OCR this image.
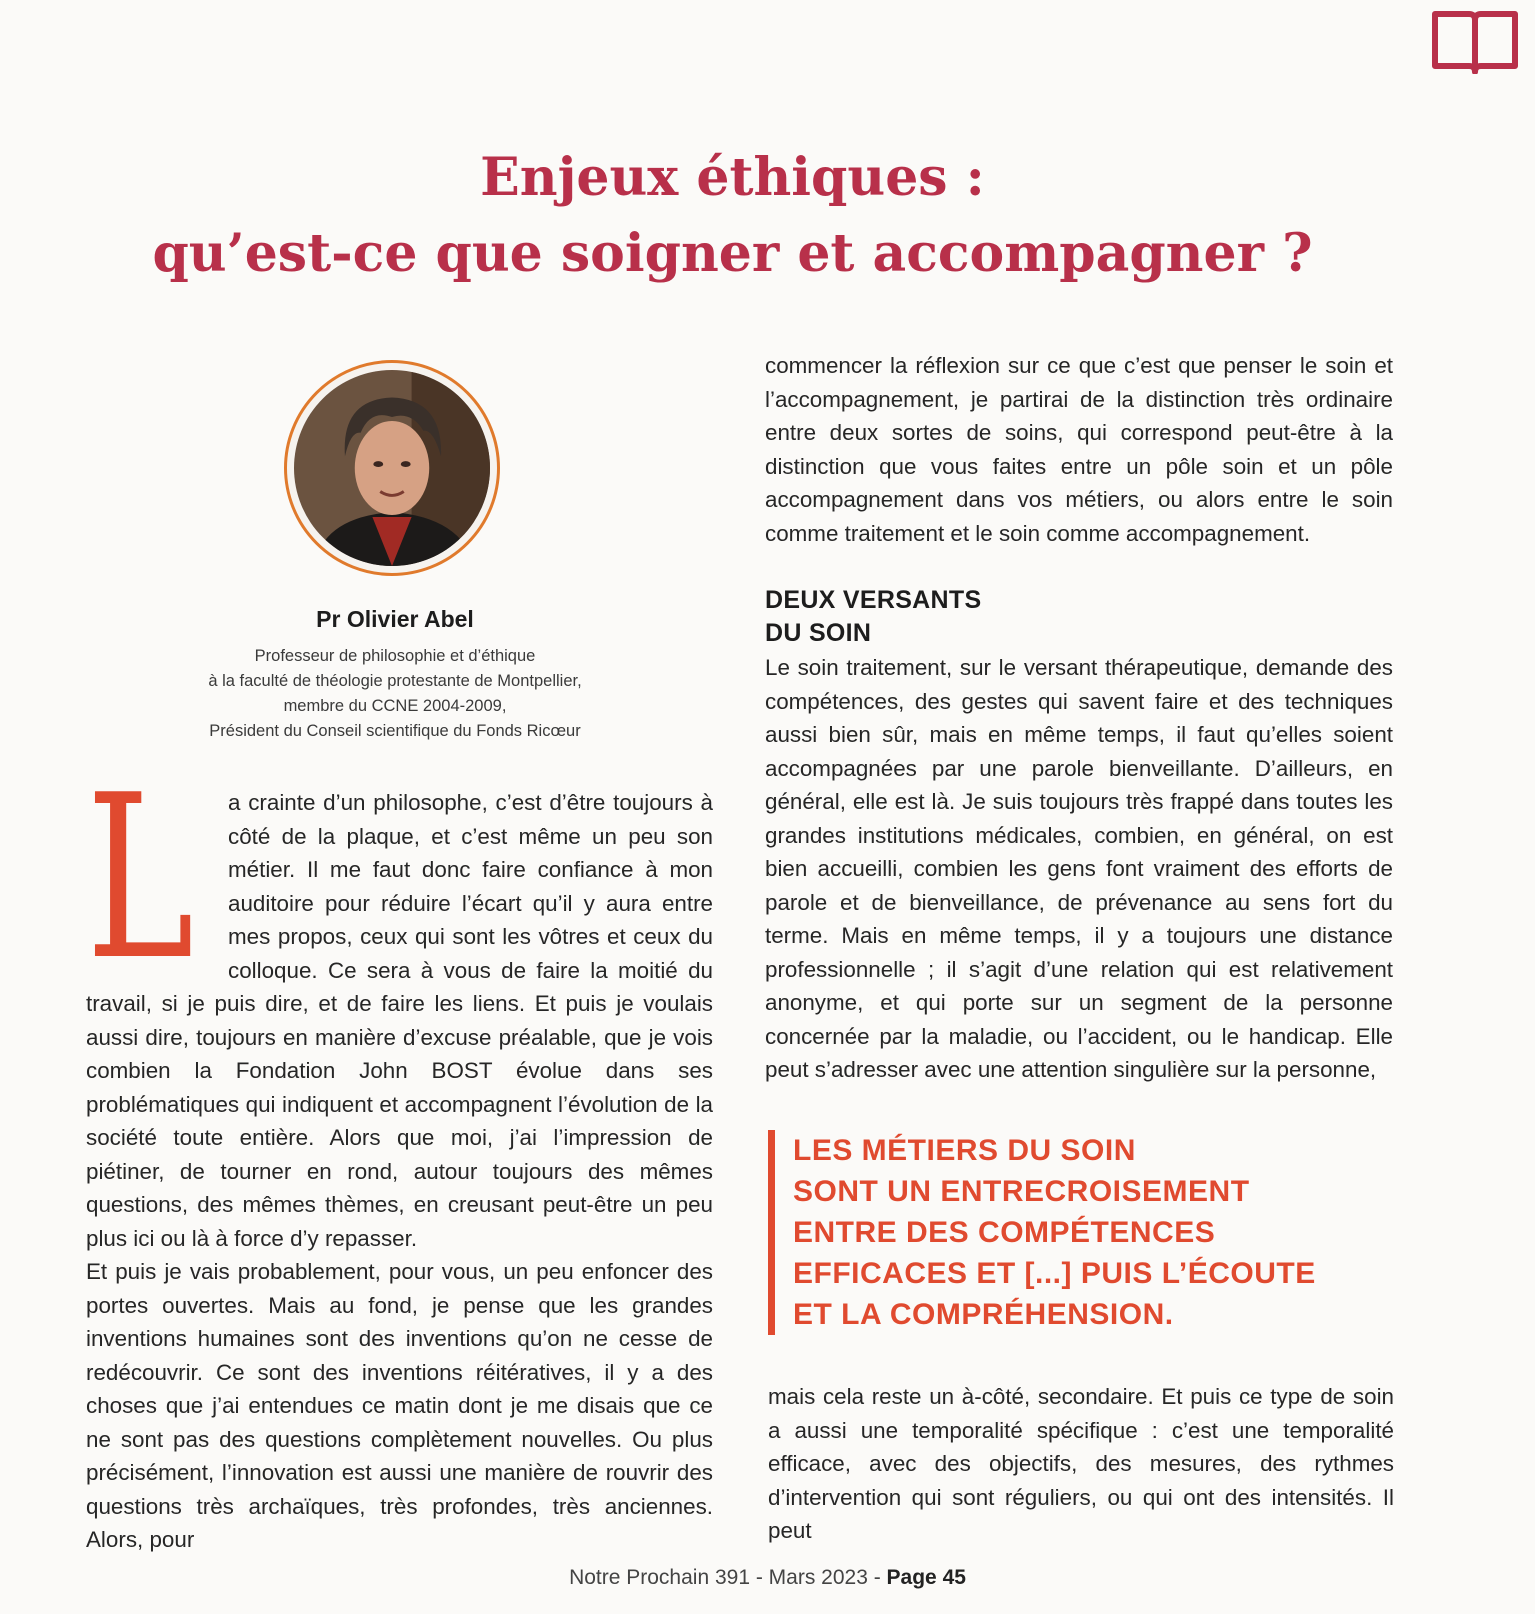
Enjeux éthiques :
qu’est-ce que soigner et accompagner ?

Pr Olivier Abel

Professeur de philosophie et d’éthique
à la faculté de théologie protestante de Montpellier,
membre du CCNE 2004-2009,
Président du Conseil scientifique du Fonds Ricœur
L	a crainte d’un philosophe, c’est d’être toujours à côté de la plaque, et c’est même un peu son métier. Il me faut donc faire confiance à mon auditoire pour réduire l’écart qu’il y aura entre mes propos, ceux qui sont les vôtres et ceux du colloque. Ce sera à vous de faire la moitié du travail, si je puis dire, et de faire les liens. Et puis je voulais aussi dire, toujours en manière d’excuse préalable, que je vois combien la Fondation John BOST évolue dans ses problématiques qui indiquent et accompagnent l’évolution de la société toute entière. Alors que moi, j’ai l’impression de piétiner, de tourner en rond, autour toujours des mêmes questions, des mêmes thèmes, en creusant peut-être un peu plus ici ou là à force d’y repasser.

Et puis je vais probablement, pour vous, un peu enfoncer des portes ouvertes. Mais au fond, je pense que les grandes inventions humaines sont des inventions qu’on ne cesse de redécouvrir. Ce sont des inventions réitératives, il y a des choses que j’ai entendues ce matin dont je me disais que ce ne sont pas des questions complètement nouvelles. Ou plus précisément, l’innovation est aussi une manière de rouvrir des questions très archaïques, très profondes, très anciennes. Alors, pour

commencer la réflexion sur ce que c’est que penser le soin et l’accompagnement, je partirai de la distinction très ordinaire entre deux sortes de soins, qui correspond peut-être à la distinction que vous faites entre un pôle soin et un pôle accompagnement dans vos métiers, ou alors entre le soin comme traitement et le soin comme accompagnement.

DEUX VERSANTS
DU SOIN

Le soin traitement, sur le versant thérapeutique, demande des compétences, des gestes qui savent faire et des techniques aussi bien sûr, mais en même temps, il faut qu’elles soient accompagnées par une parole bienveillante. D’ailleurs, en général, elle est là. Je suis toujours très frappé dans toutes les grandes institutions médicales, combien, en général, on est bien accueilli, combien les gens font vraiment des efforts de parole et de bienveillance, de prévenance au sens fort du terme. Mais en même temps, il y a toujours une distance professionnelle ; il s’agit d’une relation qui est relativement anonyme, et qui porte sur un segment de la personne concernée par la maladie, ou l’accident, ou le handicap. Elle peut s’adresser avec une attention singulière sur la personne,

LES MÉTIERS DU SOIN
SONT UN ENTRECROISEMENT
ENTRE DES COMPÉTENCES
EFFICACES ET [...] PUIS L’ÉCOUTE
ET LA COMPRÉHENSION.

mais cela reste un à-côté, secondaire. Et puis ce type de soin a aussi une temporalité spécifique : c’est une temporalité efficace, avec des objectifs, des mesures, des rythmes d’intervention qui sont réguliers, ou qui ont des intensités. Il peut

Notre Prochain 391 - Mars 2023 - Page 45
